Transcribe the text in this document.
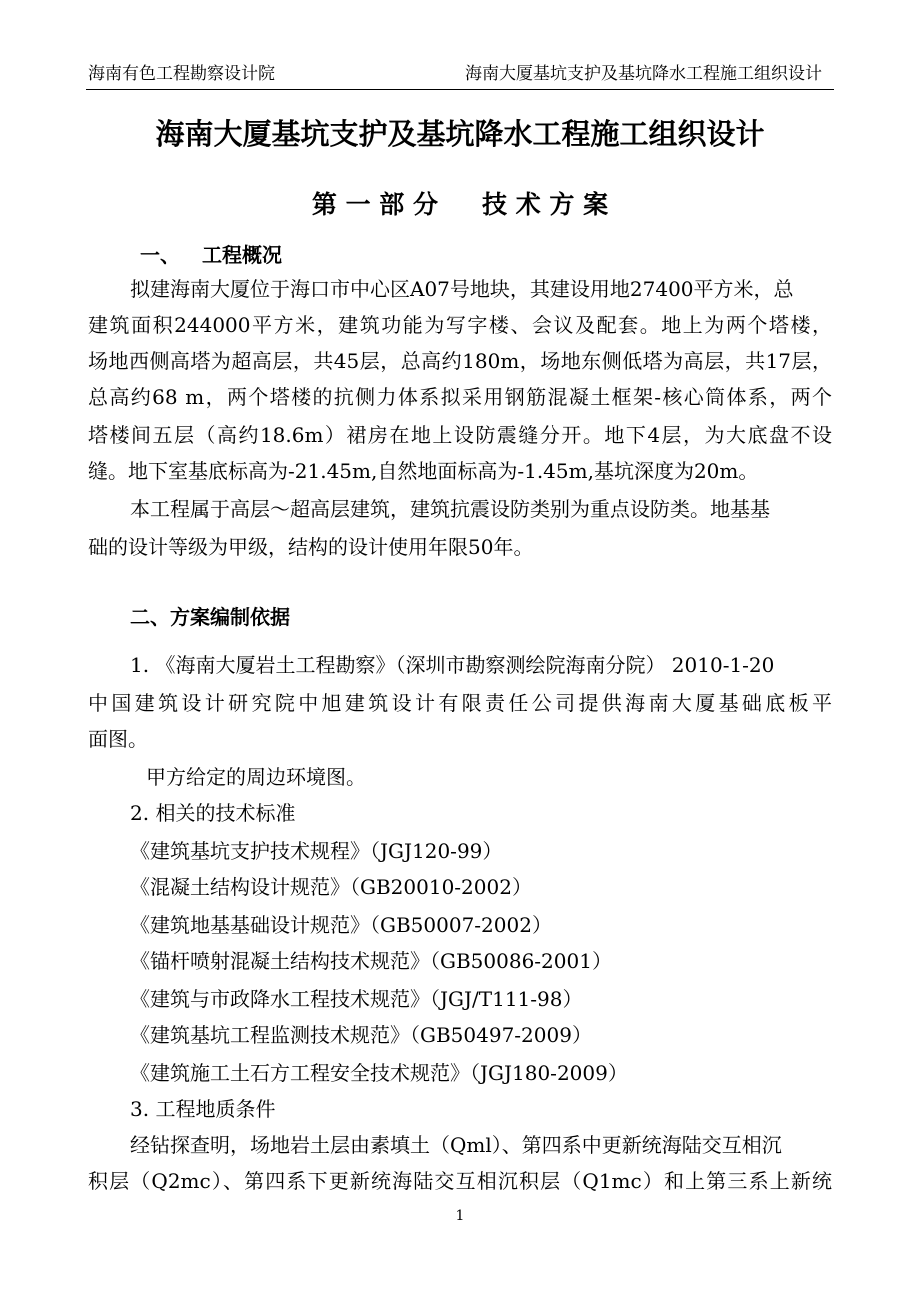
海南有色工程勘察设计院	海南大厦基坑支护及基坑降水工程施工组织设计
海南大厦基坑支护及基坑降水工程施工组织设计
第 一 部 分 技 术 方 案
一、 工程概况
拟建海南大厦位于海口市中心区A07号地块，其建设用地27400平方米，总
建筑面积244000平方米，建筑功能为写字楼、会议及配套。地上为两个塔楼，
场地西侧高塔为超高层，共45层，总高约180m，场地东侧低塔为高层，共17层，
总高约68 m，两个塔楼的抗侧力体系拟采用钢筋混凝土框架-核心筒体系，两个
塔楼间五层（高约18.6m）裙房在地上设防震缝分开。地下4层，为大底盘不设
缝。地下室基底标高为-21.45m,自然地面标高为-1.45m,基坑深度为20m。
本工程属于高层～超高层建筑，建筑抗震设防类别为重点设防类。地基基
础的设计等级为甲级，结构的设计使用年限50年。
二、方案编制依据
1. 《海南大厦岩土工程勘察》（深圳市勘察测绘院海南分院） 2010-1-20
中国建筑设计研究院中旭建筑设计有限责任公司提供海南大厦基础底板平
面图。
甲方给定的周边环境图。
2. 相关的技术标准
《建筑基坑支护技术规程》（JGJ120-99）
《混凝土结构设计规范》（GB20010-2002）
《建筑地基基础设计规范》（GB50007-2002）
《锚杆喷射混凝土结构技术规范》（GB50086-2001）
《建筑与市政降水工程技术规范》（JGJ/T111-98）
《建筑基坑工程监测技术规范》（GB50497-2009）
《建筑施工土石方工程安全技术规范》（JGJ180-2009）
3. 工程地质条件
经钻探查明，场地岩土层由素填土（Qml）、第四系中更新统海陆交互相沉
积层（Q2mc）、第四系下更新统海陆交互相沉积层（Q1mc）和上第三系上新统
1
